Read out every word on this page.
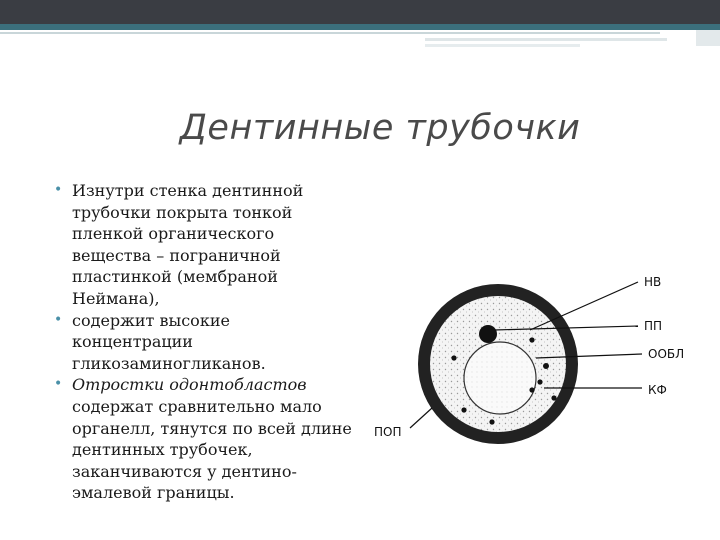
Дентинные трубочки
• Изнутри стенка дентинной трубочки покрыта тонкой пленкой органического вещества – пограничной пластинкой (мембраной Неймана),
• содержит высокие концентрации гликозаминогликанов.
• Отростки одонтобластов содержат сравнительно мало органелл, тянутся по всей длине дентинных трубочек, заканчиваются у дентино-эмалевой границы.
НВ
ПП
ООБЛ
КФ
ПОП
